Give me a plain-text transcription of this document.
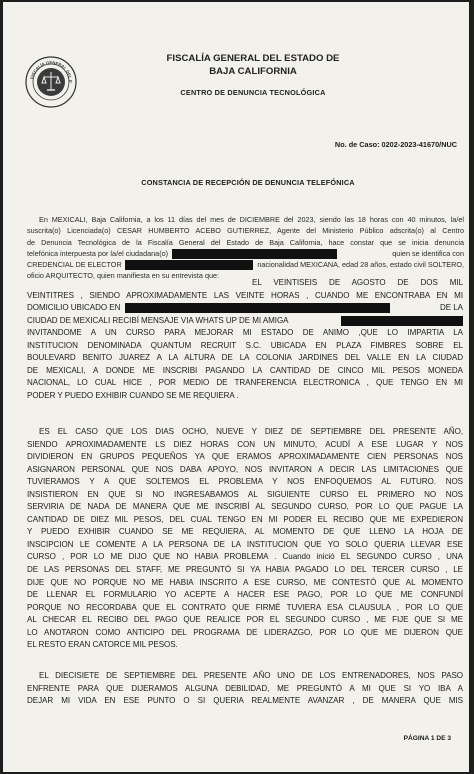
FISCALÍA GENERAL DEL E
FISCALÍA GENERAL DEL ESTADO DE
BAJA CALIFORNIA
CENTRO DE DENUNCIA TECNOLÓGICA
No. de Caso: 0202-2023-41670/NUC
CONSTANCIA DE RECEPCIÓN DE DENUNCIA TELEFÓNICA
En MEXICALI, Baja California, a los 11 días del mes de DICIEMBRE del 2023, siendo las 18 horas con 40 minutos, la/el
suscrita(o) Licenciada(o) CESAR HUMBERTO ACEBO GUTIERREZ, Agente del Ministerio Público adscrita(o) al Centro
de Denuncia Tecnológica de la Fiscalía General del Estado de Baja California, hace constar que se inicia denuncia
telefónica interpuesta por la/el ciudadana(o)	quien se identifica con
CREDENCIAL DE ELECTOR	nacionalidad MEXICANA, edad 28 años, estado civil SOLTERO,
oficio ARQUITECTO, quien manifiesta en su entrevista que:
EL VEINTISEIS DE AGOSTO DE DOS MIL
VEINTITRES , SIENDO APROXIMADAMENTE LAS VEINTE HORAS , CUANDO ME ENCONTRABA EN MI
DOMICILIO UBICADO EN	DE LA
CIUDAD DE MEXICALI RECIBÍ MENSAJE VIA WHATS UP DE MI AMIGA
INVITANDOME A UN CURSO PARA MEJORAR MI ESTADO DE ANIMO ,QUE LO IMPARTIA LA
INSTITUCION DENOMINADA QUANTUM RECRUIT S.C. UBICADA EN PLAZA FIMBRES SOBRE EL
BOULEVARD BENITO JUAREZ A LA ALTURA DE LA COLONIA JARDINES DEL VALLE EN LA CIUDAD
DE MEXICALI, A DONDE ME INSCRIBI PAGANDO LA CANTIDAD DE CINCO MIL PESOS MONEDA
NACIONAL, LO CUAL HICE , POR MEDIO DE TRANFERENCIA ELECTRONICA , QUE TENGO EN MI
PODER Y PUEDO EXHIBIR CUANDO SE ME REQUIERA .
ES EL CASO QUE LOS DIAS OCHO, NUEVE Y DIEZ DE SEPTIEMBRE DEL PRESENTE AÑO,
SIENDO APROXIMADAMENTE LS DIEZ HORAS CON UN MINUTO, ACUDÍ A ESE LUGAR Y NOS
DIVIDIERON EN GRUPOS PEQUEÑOS YA QUE ERAMOS APROXIMADAMENTE CIEN PERSONAS NOS
ASIGNARON PERSONAL QUE NOS DABA APOYO, NOS INVITARON A DECIR LAS LIMITACIONES QUE
TUVIERAMOS Y A QUE SOLTEMOS EL PROBLEMA Y NOS ENFOQUEMOS AL FUTURO. NOS
INSISTIERON EN QUE SI NO INGRESABAMOS AL SIGUIENTE CURSO EL PRIMERO NO NOS
SERVIRIA DE NADA DE MANERA QUE ME INSCRIBÍ AL SEGUNDO CURSO, POR LO QUE PAGUE LA
CANTIDAD DE DIEZ MIL PESOS, DEL CUAL TENGO EN MI PODER EL RECIBO QUE ME EXPEDIERON
Y PUEDO EXHIBIR CUANDO SE ME REQUIERA, AL MOMENTO DE QUE LLENO LA HOJA DE
INSCIPCION LE COMENTE A LA PERSONA DE LA INSTITUCION QUE YO SOLO QUERIA LLEVAR ESE
CURSO , POR LO ME DIJO QUE NO HABIA PROBLEMA . Cuando inició EL SEGUNDO CURSO , UNA
DE LAS PERSONAS DEL STAFF, ME PREGUNTÓ SI YA HABIA PAGADO LO DEL TERCER CURSO , LE
DIJE QUE NO PORQUE NO ME HABIA INSCRITO A ESE CURSO, ME CONTESTÓ QUE AL MOMENTO
DE LLENAR EL FORMULARIO YO ACEPTE A HACER ESE PAGO, POR LO QUE ME CONFUNDÍ
PORQUE NO RECORDABA QUE EL CONTRATO QUE FIRMÉ TUVIERA ESA CLAUSULA , POR LO QUE
AL CHECAR EL RECIBO DEL PAGO QUE REALICE POR EL SEGUNDO CURSO , ME FIJE QUE SI ME
LO ANOTARON COMO ANTICIPO DEL PROGRAMA DE LIDERAZGO, POR LO QUE ME DIJERON QUE
EL RESTO ERAN CATORCE MIL PESOS.
EL DIECISIETE DE SEPTIEMBRE DEL PRESENTE AÑO UNO DE LOS ENTRENADORES, NOS PASO
ENFRENTE PARA QUE DIJERAMOS ALGUNA DEBILIDAD, ME PREGUNTÓ A MI QUE SI YO IBA A
DEJAR MI VIDA EN ESE PUNTO O SI QUERIA REALMENTE AVANZAR , DE MANERA QUE MIS
PÁGINA 1 DE 3
